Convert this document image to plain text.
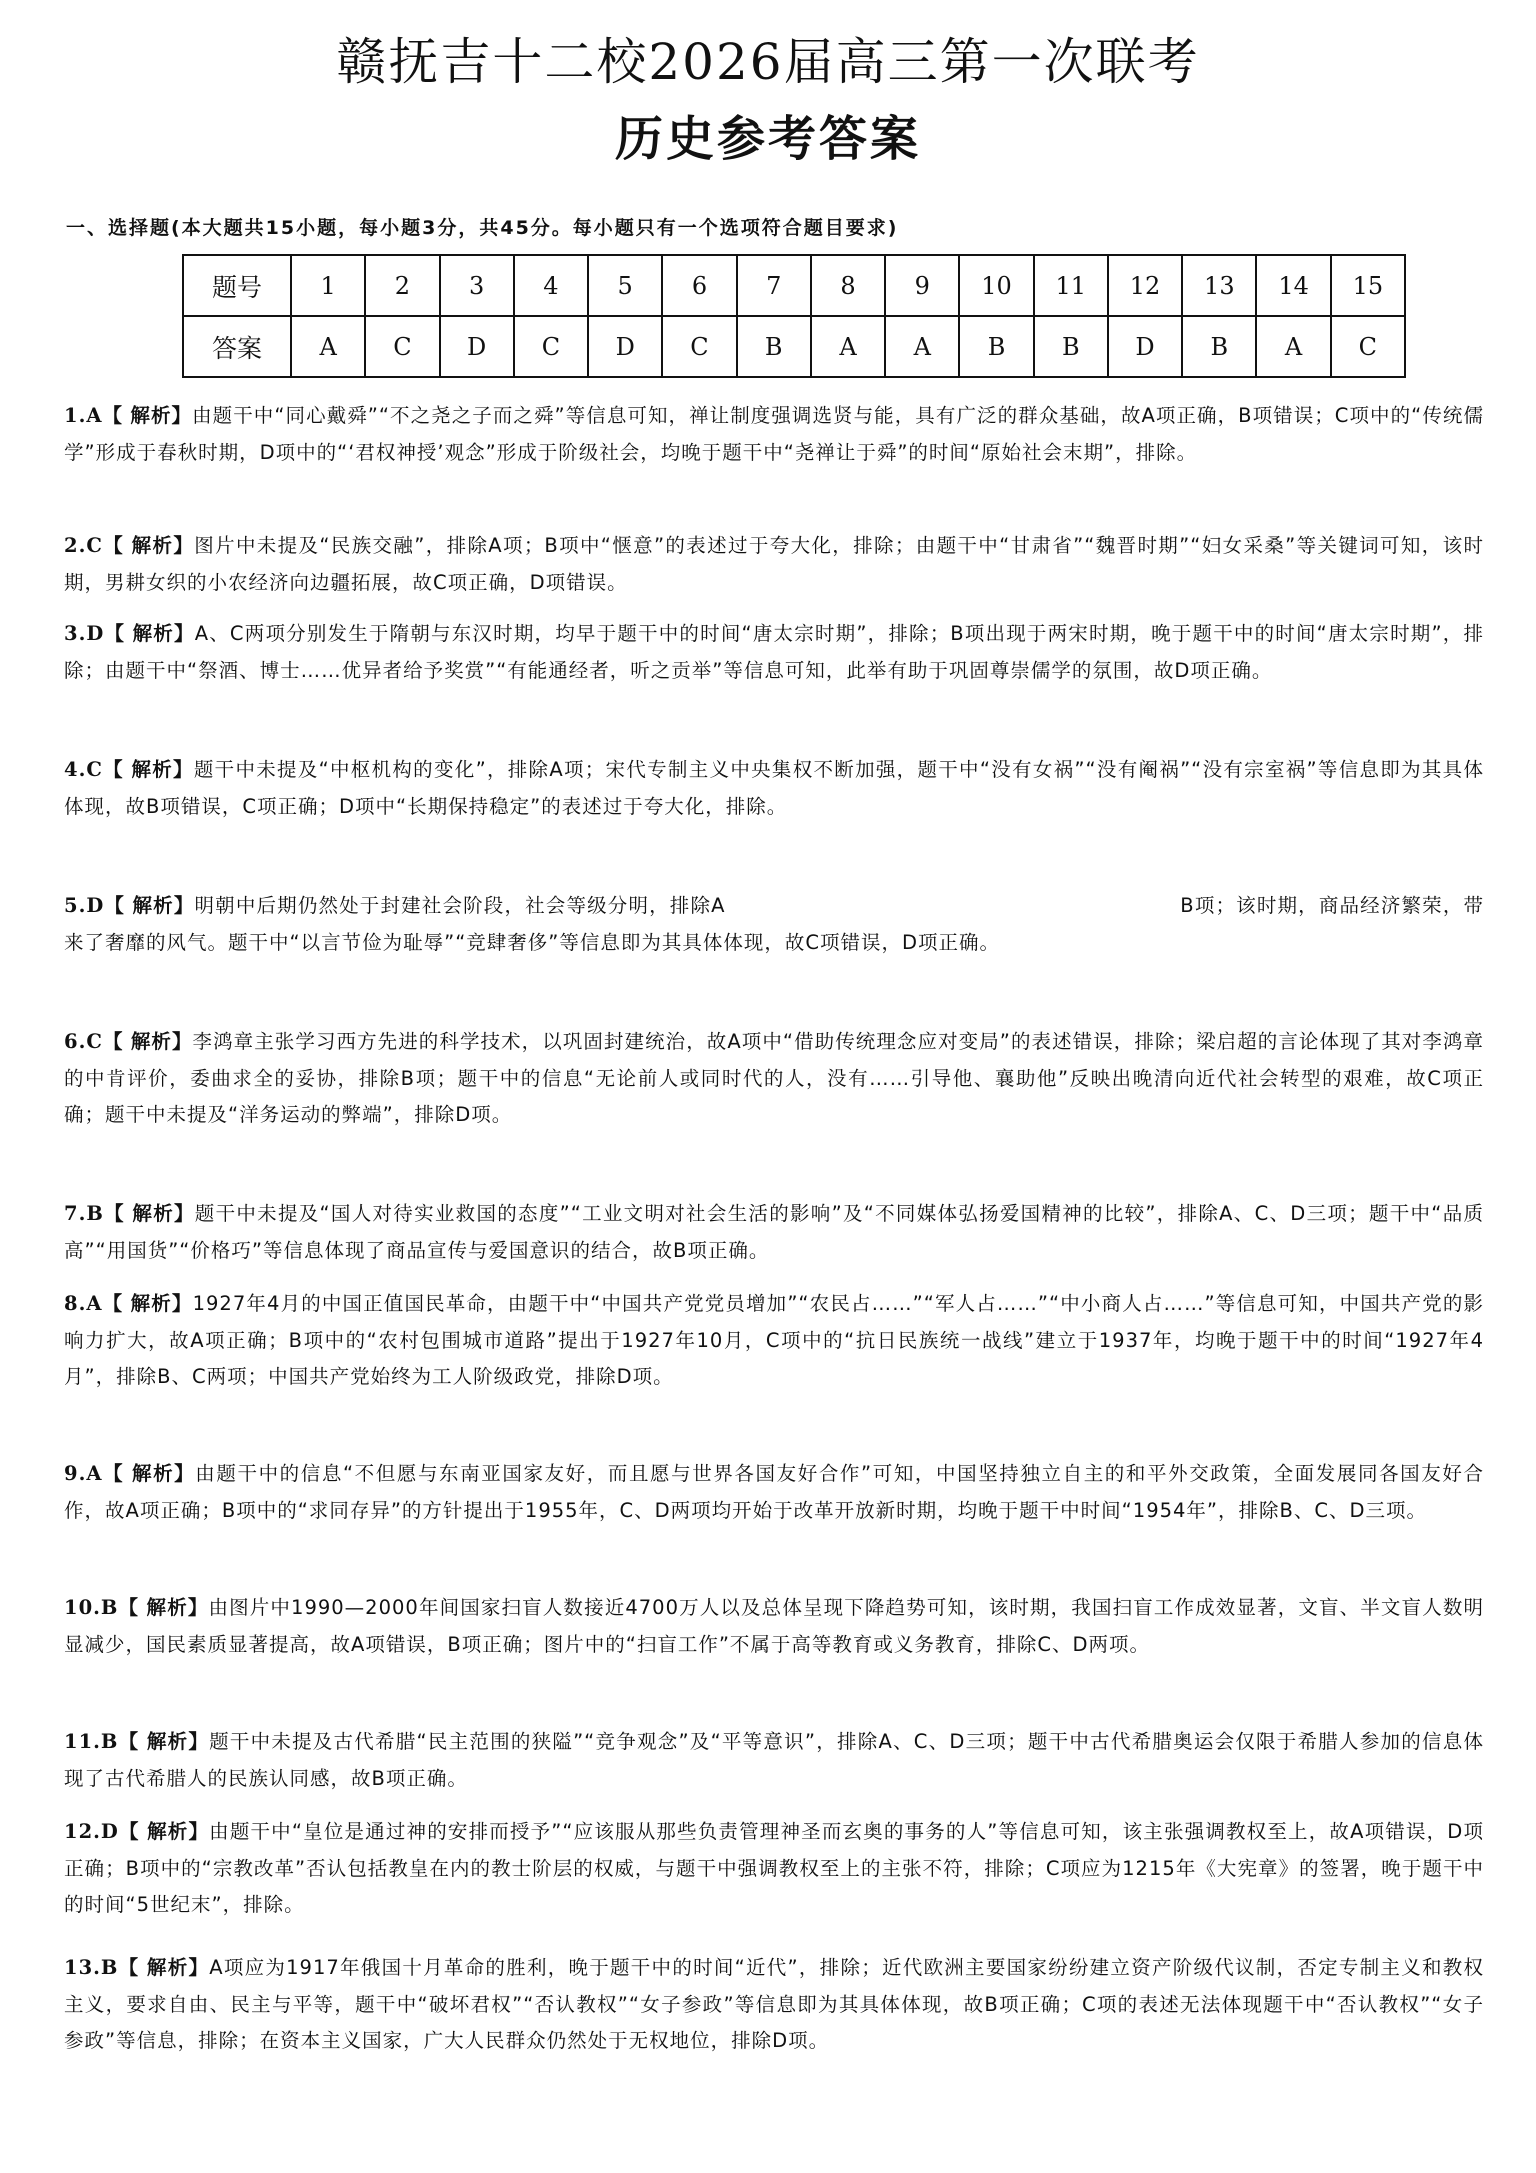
赣抚吉十二校2026届高三第一次联考
历史参考答案
一、选择题(本大题共15小题，每小题3分，共45分。每小题只有一个选项符合题目要求)
题号	1	2	3	4	5	6	7	8	9	10	11	12	13	14	15
答案	A	C	D	C	D	C	B	A	A	B	B	D	B	A	C
1.A【 解析】由题干中“同心戴舜”“不之尧之子而之舜”等信息可知，禅让制度强调选贤与能，具有广泛的群众基础，故A项正确，B项错误；C项中的“传统儒学”形成于春秋时期，D项中的“‘君权神授’观念”形成于阶级社会，均晚于题干中“尧禅让于舜”的时间“原始社会末期”，排除。
2.C【 解析】图片中未提及“民族交融”，排除A项；B项中“惬意”的表述过于夸大化，排除；由题干中“甘肃省”“魏晋时期”“妇女采桑”等关键词可知，该时期，男耕女织的小农经济向边疆拓展，故C项正确，D项错误。
3.D【 解析】A、C两项分别发生于隋朝与东汉时期，均早于题干中的时间“唐太宗时期”，排除；B项出现于两宋时期，晚于题干中的时间“唐太宗时期”，排除；由题干中“祭酒、博士……优异者给予奖赏”“有能通经者，听之贡举”等信息可知，此举有助于巩固尊崇儒学的氛围，故D项正确。
4.C【 解析】题干中未提及“中枢机构的变化”，排除A项；宋代专制主义中央集权不断加强，题干中“没有女祸”“没有阉祸”“没有宗室祸”等信息即为其具体体现，故B项错误，C项正确；D项中“长期保持稳定”的表述过于夸大化，排除。
5.D【 解析】明朝中后期仍然处于封建社会阶段，社会等级分明，排除A　　　　　　　　　　　　　　　　　　　　　　B项；该时期，商品经济繁荣，带来了奢靡的风气。题干中“以言节俭为耻辱”“竞肆奢侈”等信息即为其具体体现，故C项错误，D项正确。
6.C【 解析】李鸿章主张学习西方先进的科学技术，以巩固封建统治，故A项中“借助传统理念应对变局”的表述错误，排除；梁启超的言论体现了其对李鸿章的中肯评价，委曲求全的妥协，排除B项；题干中的信息“无论前人或同时代的人，没有……引导他、襄助他”反映出晚清向近代社会转型的艰难，故C项正确；题干中未提及“洋务运动的弊端”，排除D项。
7.B【 解析】题干中未提及“国人对待实业救国的态度”“工业文明对社会生活的影响”及“不同媒体弘扬爱国精神的比较”，排除A、C、D三项；题干中“品质高”“用国货”“价格巧”等信息体现了商品宣传与爱国意识的结合，故B项正确。
8.A【 解析】1927年4月的中国正值国民革命，由题干中“中国共产党党员增加”“农民占……”“军人占……”“中小商人占……”等信息可知，中国共产党的影响力扩大，故A项正确；B项中的“农村包围城市道路”提出于1927年10月，C项中的“抗日民族统一战线”建立于1937年，均晚于题干中的时间“1927年4月”，排除B、C两项；中国共产党始终为工人阶级政党，排除D项。
9.A【 解析】由题干中的信息“不但愿与东南亚国家友好，而且愿与世界各国友好合作”可知，中国坚持独立自主的和平外交政策，全面发展同各国友好合作，故A项正确；B项中的“求同存异”的方针提出于1955年，C、D两项均开始于改革开放新时期，均晚于题干中时间“1954年”，排除B、C、D三项。
10.B【 解析】由图片中1990—2000年间国家扫盲人数接近4700万人以及总体呈现下降趋势可知，该时期，我国扫盲工作成效显著，文盲、半文盲人数明显减少，国民素质显著提高，故A项错误，B项正确；图片中的“扫盲工作”不属于高等教育或义务教育，排除C、D两项。
11.B【 解析】题干中未提及古代希腊“民主范围的狭隘”“竞争观念”及“平等意识”，排除A、C、D三项；题干中古代希腊奥运会仅限于希腊人参加的信息体现了古代希腊人的民族认同感，故B项正确。
12.D【 解析】由题干中“皇位是通过神的安排而授予”“应该服从那些负责管理神圣而玄奥的事务的人”等信息可知，该主张强调教权至上，故A项错误，D项正确；B项中的“宗教改革”否认包括教皇在内的教士阶层的权威，与题干中强调教权至上的主张不符，排除；C项应为1215年《大宪章》的签署，晚于题干中的时间“5世纪末”，排除。
13.B【 解析】A项应为1917年俄国十月革命的胜利，晚于题干中的时间“近代”，排除；近代欧洲主要国家纷纷建立资产阶级代议制，否定专制主义和教权主义，要求自由、民主与平等，题干中“破坏君权”“否认教权”“女子参政”等信息即为其具体体现，故B项正确；C项的表述无法体现题干中“否认教权”“女子参政”等信息，排除；在资本主义国家，广大人民群众仍然处于无权地位，排除D项。
